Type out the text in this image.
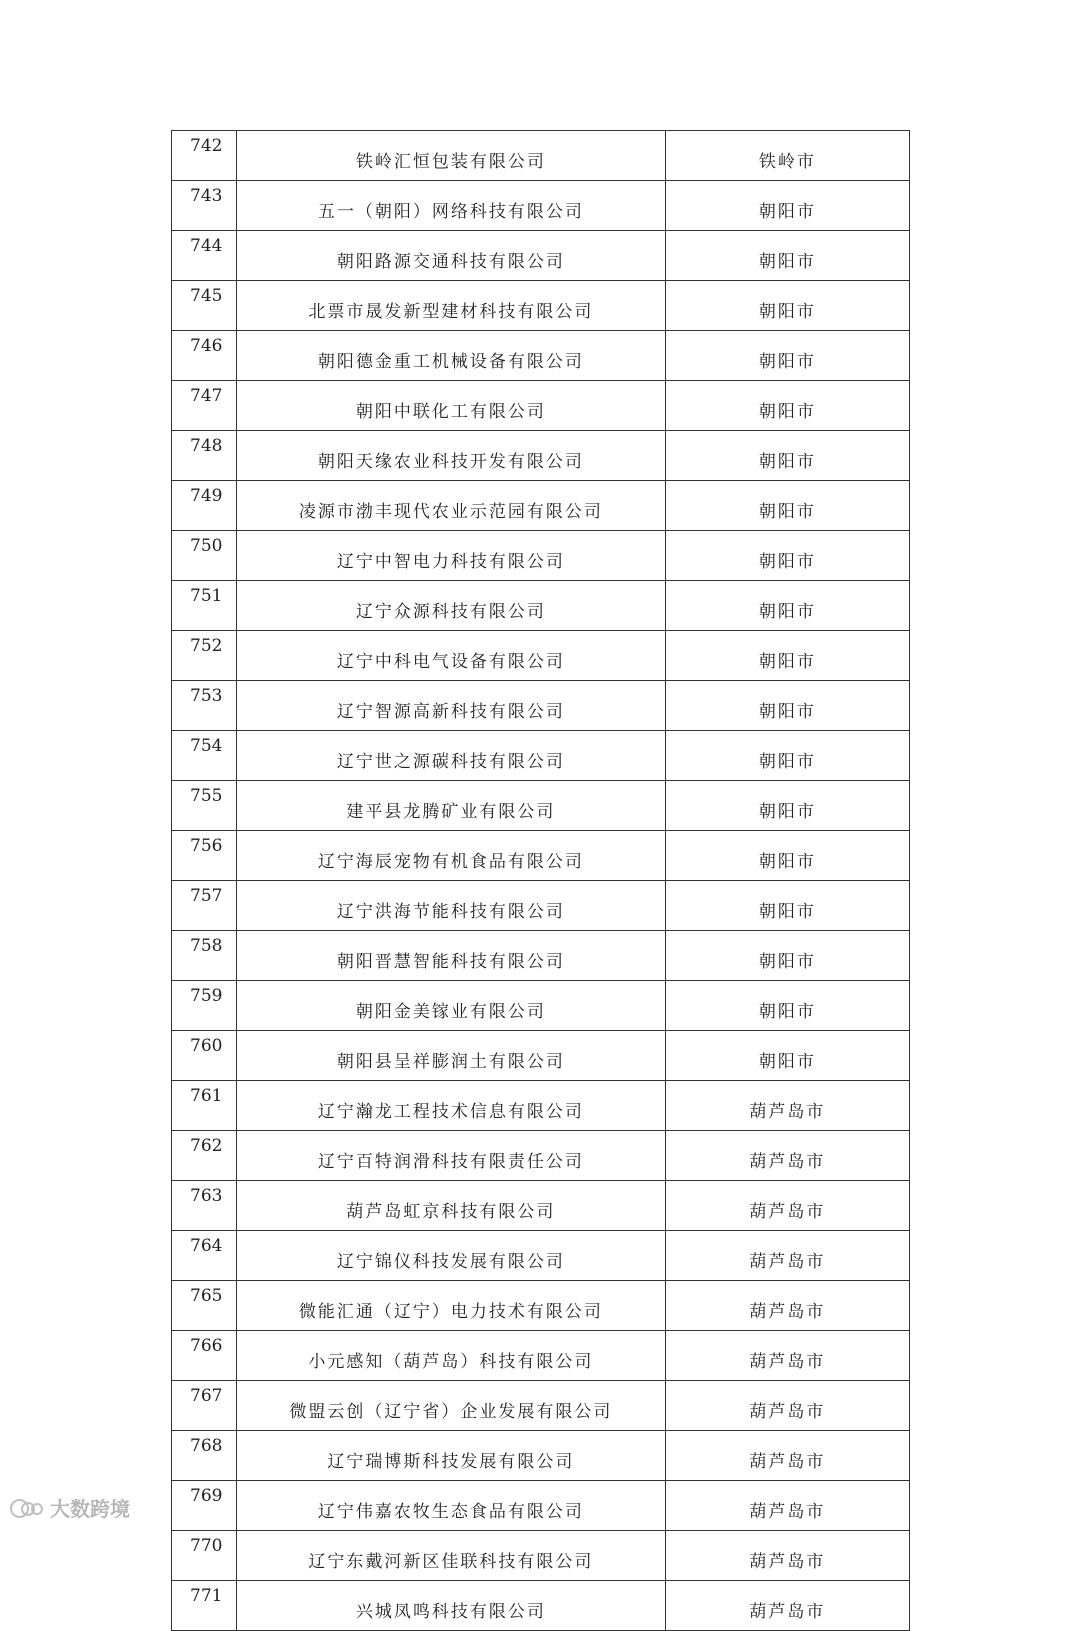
742	铁岭汇恒包装有限公司	铁岭市
743	五一（朝阳）网络科技有限公司	朝阳市
744	朝阳路源交通科技有限公司	朝阳市
745	北票市晟发新型建材科技有限公司	朝阳市
746	朝阳德金重工机械设备有限公司	朝阳市
747	朝阳中联化工有限公司	朝阳市
748	朝阳天缘农业科技开发有限公司	朝阳市
749	凌源市渤丰现代农业示范园有限公司	朝阳市
750	辽宁中智电力科技有限公司	朝阳市
751	辽宁众源科技有限公司	朝阳市
752	辽宁中科电气设备有限公司	朝阳市
753	辽宁智源高新科技有限公司	朝阳市
754	辽宁世之源碳科技有限公司	朝阳市
755	建平县龙腾矿业有限公司	朝阳市
756	辽宁海辰宠物有机食品有限公司	朝阳市
757	辽宁洪海节能科技有限公司	朝阳市
758	朝阳晋慧智能科技有限公司	朝阳市
759	朝阳金美镓业有限公司	朝阳市
760	朝阳县呈祥膨润土有限公司	朝阳市
761	辽宁瀚龙工程技术信息有限公司	葫芦岛市
762	辽宁百特润滑科技有限责任公司	葫芦岛市
763	葫芦岛虹京科技有限公司	葫芦岛市
764	辽宁锦仪科技发展有限公司	葫芦岛市
765	微能汇通（辽宁）电力技术有限公司	葫芦岛市
766	小元感知（葫芦岛）科技有限公司	葫芦岛市
767	微盟云创（辽宁省）企业发展有限公司	葫芦岛市
768	辽宁瑞博斯科技发展有限公司	葫芦岛市
769	辽宁伟嘉农牧生态食品有限公司	葫芦岛市
770	辽宁东戴河新区佳联科技有限公司	葫芦岛市
771	兴城凤鸣科技有限公司	葫芦岛市
大数跨境
